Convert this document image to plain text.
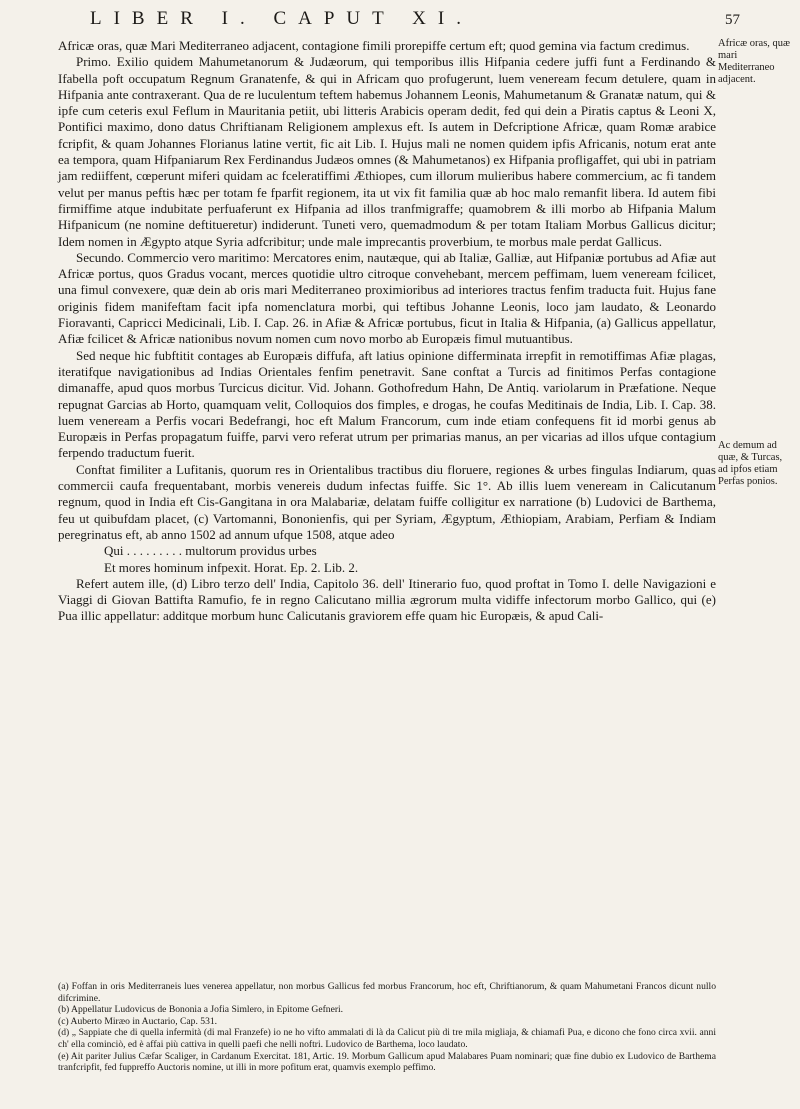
LIBER I. CAPUT XI.	57

Africæ oras, quæ Mari Mediterraneo adjacent, contagione fimili prorepiffe certum eft; quod gemina via factum credimus.

Primo. Exilio quidem Mahumetanorum & Judæorum, qui temporibus illis Hifpania cedere juffi funt a Ferdinando & Ifabella poft occupatum Regnum Granatenfe, & qui in Africam quo profugerunt, luem veneream fecum detulere, quam in Hifpania ante contraxerant. Qua de re luculentum teftem habemus Johannem Leonis, Mahumetanum & Granatæ natum, qui & ipfe cum ceteris exul Feflum in Mauritania petiit, ubi litteris Arabicis operam dedit, fed qui dein a Piratis captus & Leoni X, Pontifici maximo, dono datus Chriftianam Religionem amplexus eft. Is autem in Defcriptione Africæ, quam Romæ arabice fcripfit, & quam Johannes Florianus latine vertit, fic ait Lib. I. Hujus mali ne nomen quidem ipfis Africanis, notum erat ante ea tempora, quam Hifpaniarum Rex Ferdinandus Judæos omnes (& Mahumetanos) ex Hifpania profligaffet, qui ubi in patriam jam rediiffent, cœperunt miferi quidam ac fceleratiffimi Æthiopes, cum illorum mulieribus habere commercium, ac fi tandem velut per manus peftis hæc per totam fe fparfit regionem, ita ut vix fit familia quæ ab hoc malo remanfit libera. Id autem fibi firmiffime atque indubitate perfuaferunt ex Hifpania ad illos tranfmigraffe; quamobrem & illi morbo ab Hifpania Malum Hifpanicum (ne nomine deftitueretur) indiderunt. Tuneti vero, quemadmodum & per totam Italiam Morbus Gallicus dicitur; Idem nomen in Ægypto atque Syria adfcribitur; unde male imprecantis proverbium, te morbus male perdat Gallicus.

Secundo. Commercio vero maritimo: Mercatores enim, nautæque, qui ab Italiæ, Galliæ, aut Hifpaniæ portubus ad Afiæ aut Africæ portus, quos Gradus vocant, merces quotidie ultro citroque convehebant, mercem peffimam, luem veneream fcilicet, una fimul convexere, quæ dein ab oris mari Mediterraneo proximioribus ad interiores tractus fenfim traducta fuit. Hujus fane originis fidem manifeftam facit ipfa nomenclatura morbi, qui teftibus Johanne Leonis, loco jam laudato, & Leonardo Fioravanti, Capricci Medicinali, Lib. I. Cap. 26. in Afiæ & Africæ portubus, ficut in Italia & Hifpania, (a) Gallicus appellatur, Afiæ fcilicet & Africæ nationibus novum nomen cum novo morbo ab Europæis fimul mutuantibus.

Sed neque hic fubftitit contages ab Europæis diffufa, aft latius opinione differminata irrepfit in remotiffimas Afiæ plagas, iteratifque navigationibus ad Indias Orientales fenfim penetravit. Sane conftat a Turcis ad finitimos Perfas contagione dimanaffe, apud quos morbus Turcicus dicitur. Vid. Johann. Gothofredum Hahn, De Antiq. variolarum in Præfatione. Neque repugnat Garcias ab Horto, quamquam velit, Colloquios dos fimples, e drogas, he coufas Meditinais de India, Lib. I. Cap. 38. luem veneream a Perfis vocari Bedefrangi, hoc eft Malum Francorum, cum inde etiam confequens fit id morbi genus ab Europæis in Perfas propagatum fuiffe, parvi vero referat utrum per primarias manus, an per vicarias ad illos ufque contagium ferpendo traductum fuerit.

Conftat fimiliter a Lufitanis, quorum res in Orientalibus tractibus diu floruere, regiones & urbes fingulas Indiarum, quas commercii caufa frequentabant, morbis venereis dudum infectas fuiffe. Sic 1°. Ab illis luem veneream in Calicutanum regnum, quod in India eft Cis-Gangitana in ora Malabariæ, delatam fuiffe colligitur ex narratione (b) Ludovici de Barthema, feu ut quibufdam placet, (c) Vartomanni, Bononienfis, qui per Syriam, Ægyptum, Æthiopiam, Arabiam, Perfiam & Indiam peregrinatus eft, ab anno 1502 ad annum ufque 1508, atque adeo

Qui . . . . . . . . . multorum providus urbes

Et mores hominum infpexit. Horat. Ep. 2. Lib. 2.

Refert autem ille, (d) Libro terzo dell' India, Capitolo 36. dell' Itinerario fuo, quod proftat in Tomo I. delle Navigazioni e Viaggi di Giovan Battifta Ramufio, fe in regno Calicutano millia ægrorum multa vidiffe infectorum morbo Gallico, qui (e) Pua illic appellatur: additque morbum hunc Calicutanis graviorem effe quam hic Europæis, & apud Cali-

Africæ oras, quæ mari Mediterraneo adjacent.
Ac demum ad quæ, & Turcas, ad ipfos etiam Perfas ponios.

(a) Foffan in oris Mediterraneis lues venerea appellatur, non morbus Gallicus fed morbus Francorum, hoc eft, Chriftianorum, & quam Mahumetani Francos dicunt nullo difcrimine.

(b) Appellatur Ludovicus de Bononia a Jofia Simlero, in Epitome Gefneri.

(c) Auberto Miræo in Auctario, Cap. 531.

(d) „ Sappiate che di quella infermità (di mal Franzefe) io ne ho vifto ammalati di là da Calicut più di tre mila migliaja, & chiamafi Pua, e dicono che fono circa xvii. anni ch' ella cominciò, ed è affai più cattiva in quelli paefi che nelli noftri. Ludovico de Barthema, loco laudato.

(e) Ait pariter Julius Cæfar Scaliger, in Cardanum Exercitat. 181, Artic. 19. Morbum Gallicum apud Malabares Puam nominari; quæ fine dubio ex Ludovico de Barthema tranfcripfit, fed fuppreffo Auctoris nomine, ut illi in more pofitum erat, quamvis exemplo peffimo.
